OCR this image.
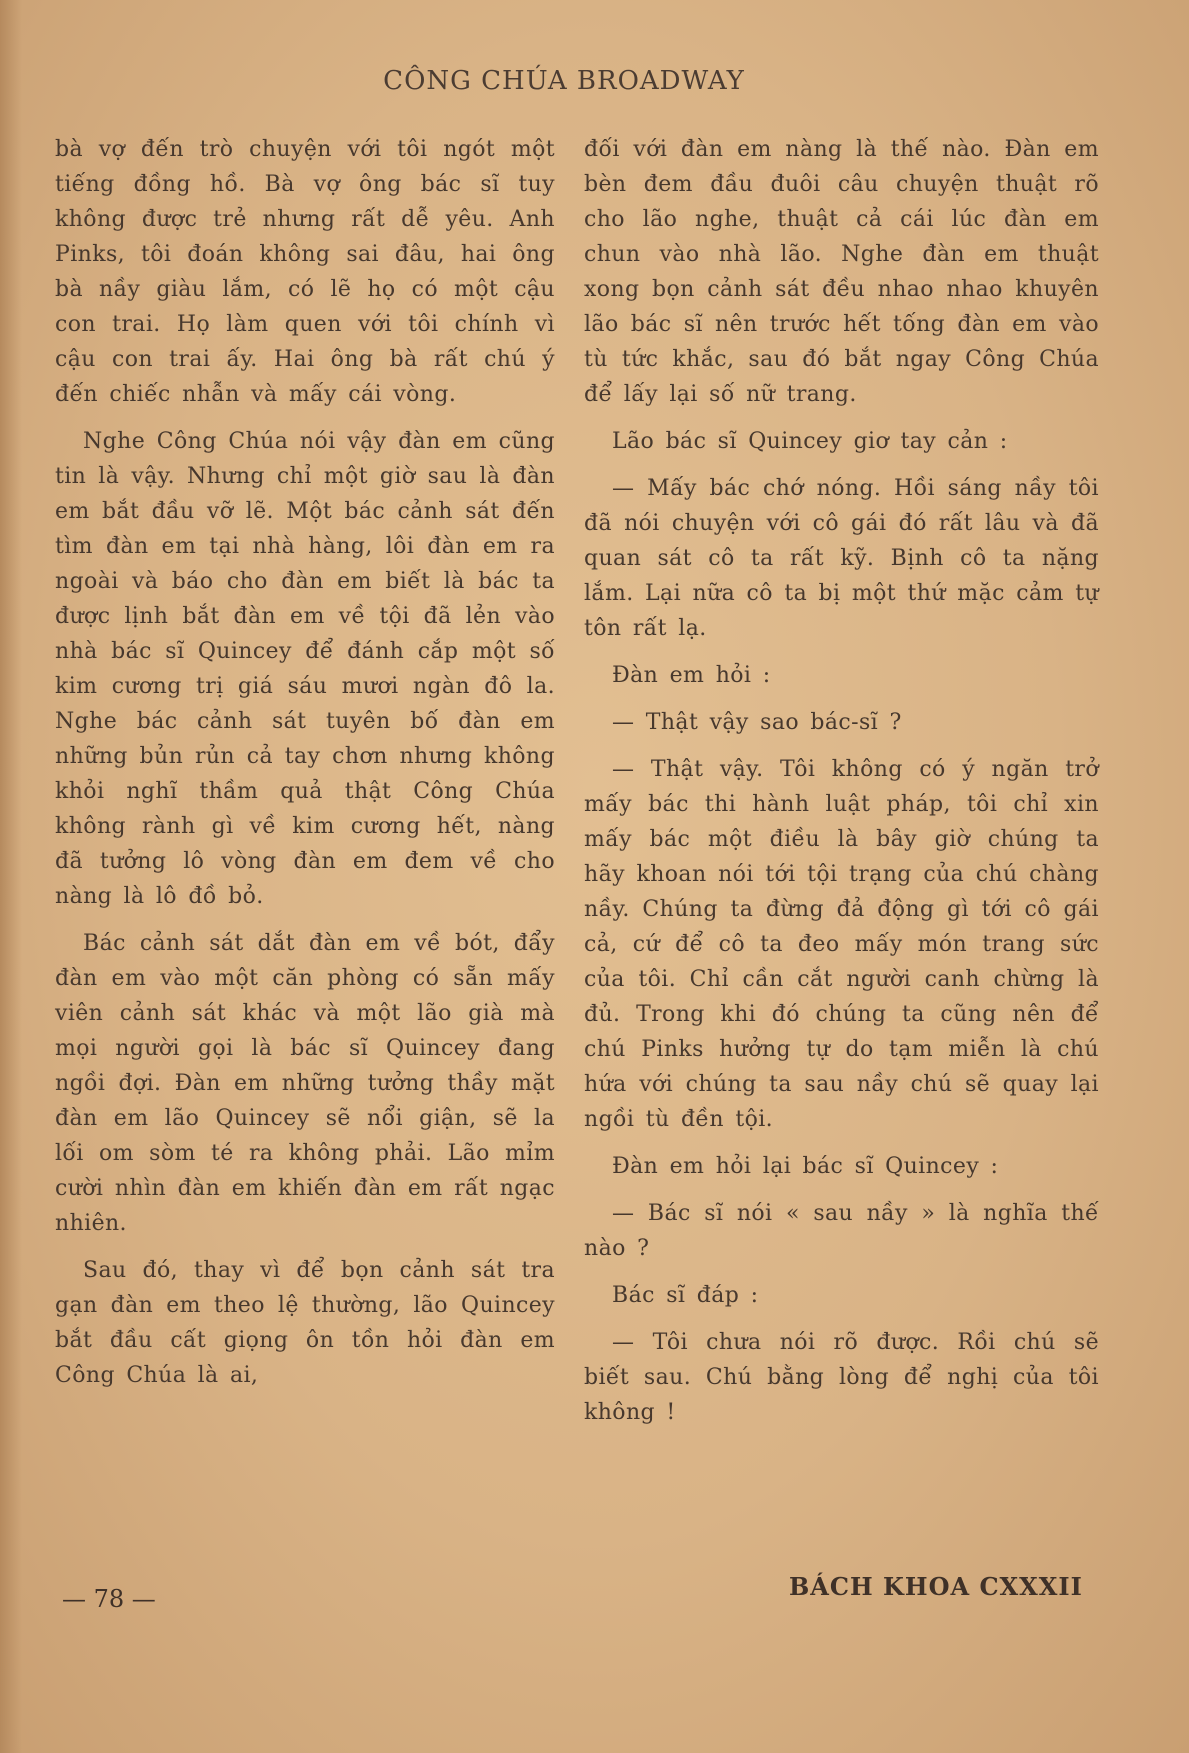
CÔNG CHÚA BROADWAY

bà vợ đến trò chuyện với tôi ngót một tiếng đồng hồ. Bà vợ ông bác sĩ tuy không được trẻ nhưng rất dễ yêu. Anh Pinks, tôi đoán không sai đâu, hai ông bà nầy giàu lắm, có lẽ họ có một cậu con trai. Họ làm quen với tôi chính vì cậu con trai ấy. Hai ông bà rất chú ý đến chiếc nhẫn và mấy cái vòng.

Nghe Công Chúa nói vậy đàn em cũng tin là vậy. Nhưng chỉ một giờ sau là đàn em bắt đầu vỡ lẽ. Một bác cảnh sát đến tìm đàn em tại nhà hàng, lôi đàn em ra ngoài và báo cho đàn em biết là bác ta được lịnh bắt đàn em về tội đã lẻn vào nhà bác sĩ Quincey để đánh cắp một số kim cương trị giá sáu mươi ngàn đô la. Nghe bác cảnh sát tuyên bố đàn em những bủn rủn cả tay chơn nhưng không khỏi nghĩ thầm quả thật Công Chúa không rành gì về kim cương hết, nàng đã tưởng lô vòng đàn em đem về cho nàng là lô đồ bỏ.

Bác cảnh sát dắt đàn em về bót, đẩy đàn em vào một căn phòng có sẵn mấy viên cảnh sát khác và một lão già mà mọi người gọi là bác sĩ Quincey đang ngồi đợi. Đàn em những tưởng thầy mặt đàn em lão Quincey sẽ nổi giận, sẽ la lối om sòm té ra không phải. Lão mỉm cười nhìn đàn em khiến đàn em rất ngạc nhiên.

Sau đó, thay vì để bọn cảnh sát tra gạn đàn em theo lệ thường, lão Quincey bắt đầu cất giọng ôn tồn hỏi đàn em Công Chúa là ai,

đối với đàn em nàng là thế nào. Đàn em bèn đem đầu đuôi câu chuyện thuật rõ cho lão nghe, thuật cả cái lúc đàn em chun vào nhà lão. Nghe đàn em thuật xong bọn cảnh sát đều nhao nhao khuyên lão bác sĩ nên trước hết tống đàn em vào tù tức khắc, sau đó bắt ngay Công Chúa để lấy lại số nữ trang.

Lão bác sĩ Quincey giơ tay cản :

— Mấy bác chớ nóng. Hồi sáng nầy tôi đã nói chuyện với cô gái đó rất lâu và đã quan sát cô ta rất kỹ. Bịnh cô ta nặng lắm. Lại nữa cô ta bị một thứ mặc cảm tự tôn rất lạ.

Đàn em hỏi :

— Thật vậy sao bác-sĩ ?

— Thật vậy. Tôi không có ý ngăn trở mấy bác thi hành luật pháp, tôi chỉ xin mấy bác một điều là bây giờ chúng ta hãy khoan nói tới tội trạng của chú chàng nầy. Chúng ta đừng đả động gì tới cô gái cả, cứ để cô ta đeo mấy món trang sức của tôi. Chỉ cần cắt người canh chừng là đủ. Trong khi đó chúng ta cũng nên để chú Pinks hưởng tự do tạm miễn là chú hứa với chúng ta sau nầy chú sẽ quay lại ngồi tù đền tội.

Đàn em hỏi lại bác sĩ Quincey :

— Bác sĩ nói « sau nầy » là nghĩa thế nào ?

Bác sĩ đáp :

— Tôi chưa nói rõ được. Rồi chú sẽ biết sau. Chú bằng lòng để nghị của tôi không !

— 78 —	BÁCH KHOA CXXXII
